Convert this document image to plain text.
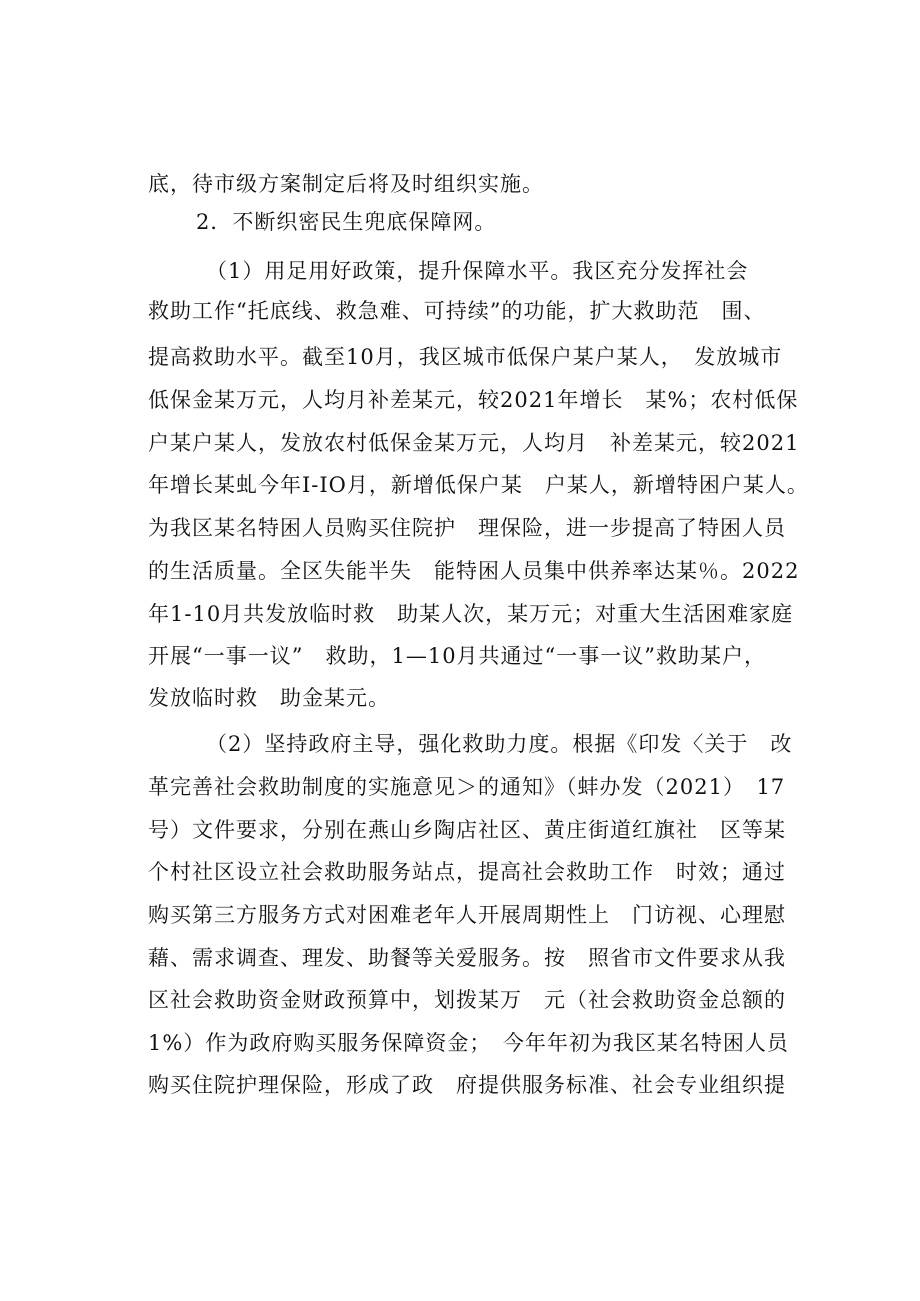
底，待市级方案制定后将及时组织实施。
2．不断织密民生兜底保障网。
（1）用足用好政策，提升保障水平。我区充分发挥社会
救助工作“托底线、救急难、可持续”的功能，扩大救助范　围、
提高救助水平。截至10月，我区城市低保户某户某人，　发放城市
低保金某万元，人均月补差某元，较2021年增长　某%；农村低保
户某户某人，发放农村低保金某万元，人均月　补差某元，较2021
年增长某虬今年I-IO月，新增低保户某　户某人，新增特困户某人。
为我区某名特困人员购买住院护　理保险，进一步提高了特困人员
的生活质量。全区失能半失　能特困人员集中供养率达某％。2022
年1-10月共发放临时救　助某人次，某万元；对重大生活困难家庭
开展“一事一议”　救助，1—10月共通过“一事一议”救助某户，
发放临时救　助金某元。
（2）坚持政府主导，强化救助力度。根据《印发〈关于　改
革完善社会救助制度的实施意见＞的通知》（蚌办发（2021）　17
号）文件要求，分别在燕山乡陶店社区、黄庄街道红旗社　区等某
个村社区设立社会救助服务站点，提高社会救助工作　时效；通过
购买第三方服务方式对困难老年人开展周期性上　门访视、心理慰
藉、需求调查、理发、助餐等关爱服务。按　照省市文件要求从我
区社会救助资金财政预算中，划拨某万　元（社会救助资金总额的
1%）作为政府购买服务保障资金；　今年年初为我区某名特困人员
购买住院护理保险，形成了政　府提供服务标准、社会专业组织提
